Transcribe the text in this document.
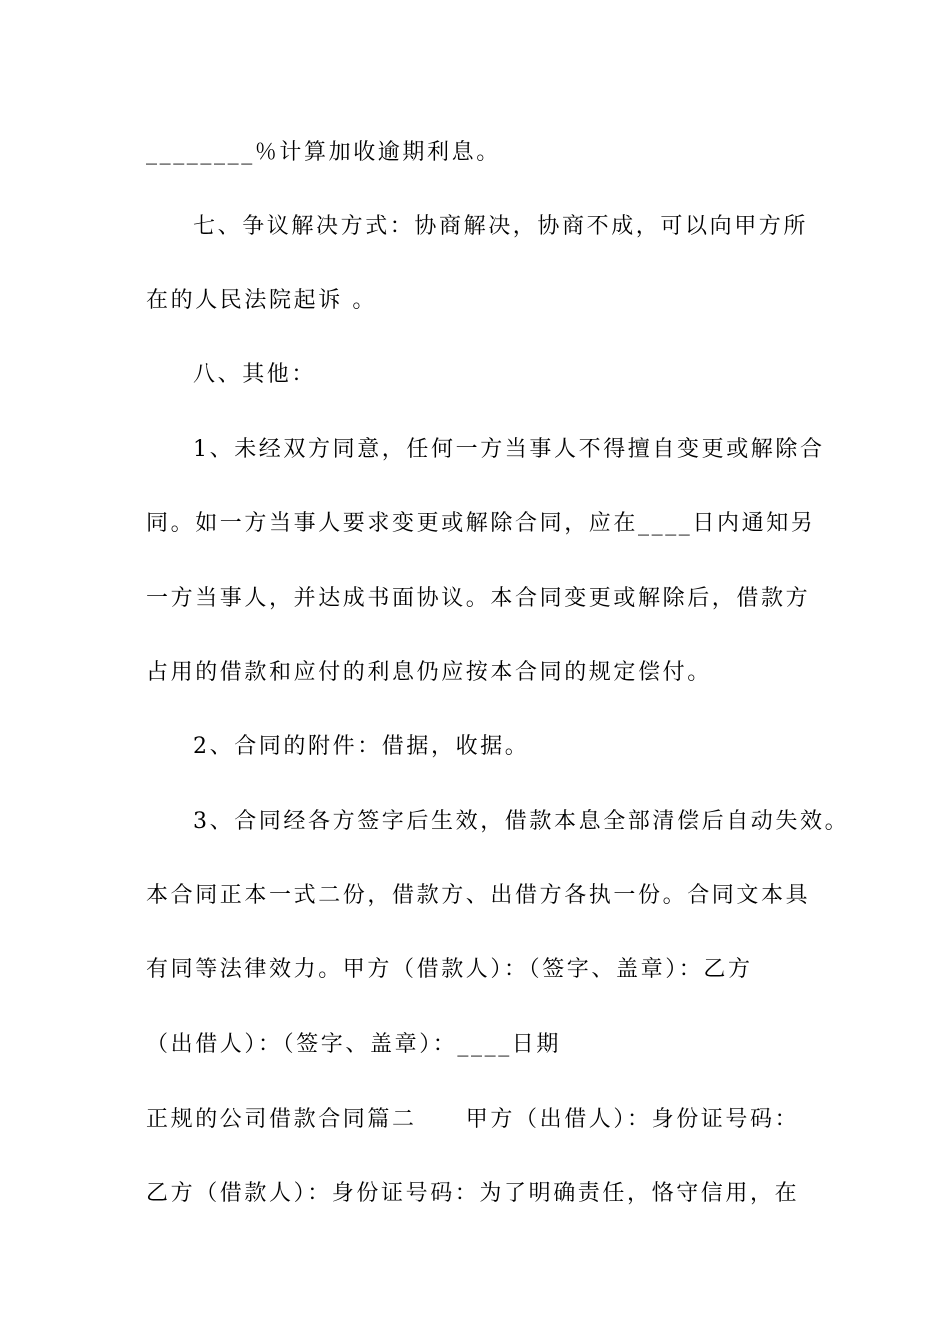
________％计算加收逾期利息。
七、争议解决方式：协商解决，协商不成，可以向甲方所
在的人民法院起诉 。
八、其他：
1、未经双方同意，任何一方当事人不得擅自变更或解除合
同。如一方当事人要求变更或解除合同，应在____日内通知另
一方当事人，并达成书面协议。本合同变更或解除后，借款方
占用的借款和应付的利息仍应按本合同的规定偿付。
2、合同的附件：借据，收据。
3、合同经各方签字后生效，借款本息全部清偿后自动失效。
本合同正本一式二份，借款方、出借方各执一份。合同文本具
有同等法律效力。甲方（借款人）：（签字、盖章）：乙方
（出借人）：（签字、盖章）：____日期
正规的公司借款合同篇二　　甲方（出借人）：身份证号码：
乙方（借款人）：身份证号码：为了明确责任，恪守信用，在
